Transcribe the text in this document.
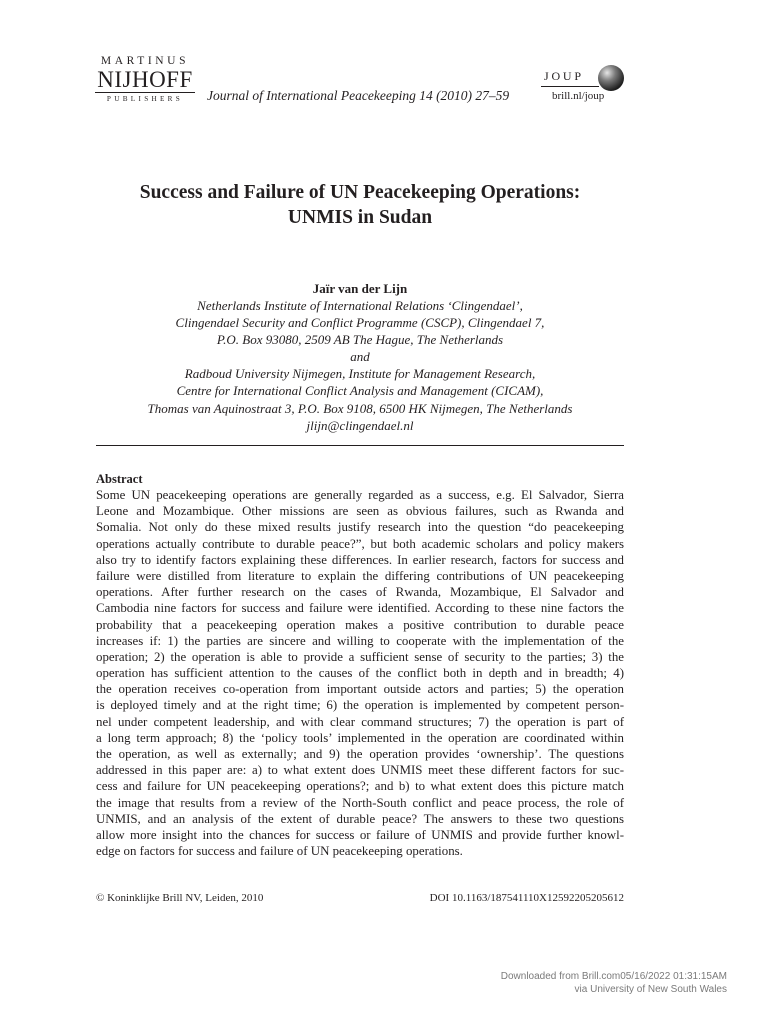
MARTINUS
NIJHOFF
PUBLISHERS	Journal of International Peacekeeping 14 (2010) 27–59
JOUP
brill.nl/joup
Success and Failure of UN Peacekeeping Operations:
UNMIS in Sudan
Jaïr van der Lijn
Netherlands Institute of International Relations ‘Clingendael’,
Clingendael Security and Conflict Programme (CSCP), Clingendael 7,
P.O. Box 93080, 2509 AB The Hague, The Netherlands
and
Radboud University Nijmegen, Institute for Management Research,
Centre for International Conflict Analysis and Management (CICAM),
Thomas van Aquinostraat 3, P.O. Box 9108, 6500 HK Nijmegen, The Netherlands
jlijn@clingendael.nl
Abstract
Some UN peacekeeping operations are generally regarded as a success, e.g. El Salvador, Sierra
Leone and Mozambique. Other missions are seen as obvious failures, such as Rwanda and
Somalia. Not only do these mixed results justify research into the question “do peacekeeping
operations actually contribute to durable peace?”, but both academic scholars and policy makers
also try to identify factors explaining these differences. In earlier research, factors for success and
failure were distilled from literature to explain the differing contributions of UN peacekeeping
operations. After further research on the cases of Rwanda, Mozambique, El Salvador and
Cambodia nine factors for success and failure were identified. According to these nine factors the
probability that a peacekeeping operation makes a positive contribution to durable peace
increases if: 1) the parties are sincere and willing to cooperate with the implementation of the
operation; 2) the operation is able to provide a sufficient sense of security to the parties; 3) the
operation has sufficient attention to the causes of the conflict both in depth and in breadth; 4)
the operation receives co-operation from important outside actors and parties; 5) the operation
is deployed timely and at the right time; 6) the operation is implemented by competent person-
nel under competent leadership, and with clear command structures; 7) the operation is part of
a long term approach; 8) the ‘policy tools’ implemented in the operation are coordinated within
the operation, as well as externally; and 9) the operation provides ‘ownership’. The questions
addressed in this paper are: a) to what extent does UNMIS meet these different factors for suc-
cess and failure for UN peacekeeping operations?; and b) to what extent does this picture match
the image that results from a review of the North-South conflict and peace process, the role of
UNMIS, and an analysis of the extent of durable peace? The answers to these two questions
allow more insight into the chances for success or failure of UNMIS and provide further knowl-
edge on factors for success and failure of UN peacekeeping operations.
© Koninklijke Brill NV, Leiden, 2010	DOI 10.1163/187541110X12592205205612
Downloaded from Brill.com05/16/2022 01:31:15AM
via University of New South Wales
